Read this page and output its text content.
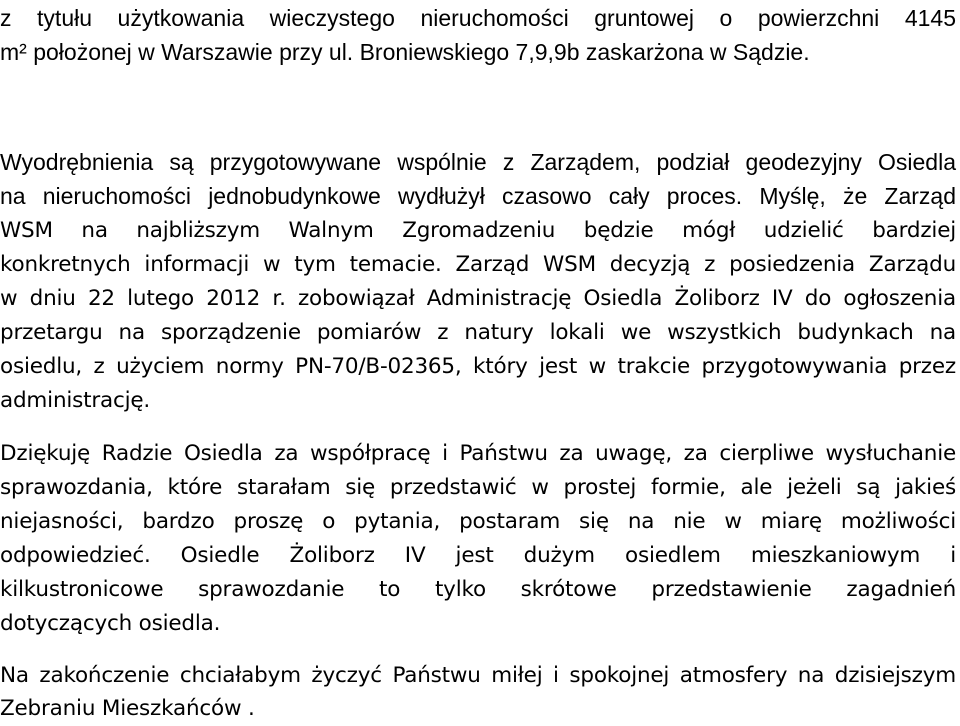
z tytułu użytkowania wieczystego nieruchomości gruntowej o powierzchni 4145
m² położonej w Warszawie przy ul. Broniewskiego 7,9,9b zaskarżona w Sądzie.
Wyodrębnienia są przygotowywane wspólnie z Zarządem, podział geodezyjny Osiedla
na nieruchomości jednobudynkowe wydłużył czasowo cały proces. Myślę, że Zarząd
WSM na najbliższym Walnym Zgromadzeniu będzie mógł udzielić bardziej
konkretnych informacji w tym temacie. Zarząd WSM decyzją z posiedzenia Zarządu
w dniu 22 lutego 2012 r. zobowiązał Administrację Osiedla Żoliborz IV do ogłoszenia
przetargu na sporządzenie pomiarów z natury lokali we wszystkich budynkach na
osiedlu, z użyciem normy PN-70/B-02365, który jest w trakcie przygotowywania przez
administrację.
Dziękuję Radzie Osiedla za współpracę i Państwu za uwagę, za cierpliwe wysłuchanie
sprawozdania, które starałam się przedstawić w prostej formie, ale jeżeli są jakieś
niejasności, bardzo proszę o pytania, postaram się na nie w miarę możliwości
odpowiedzieć. Osiedle Żoliborz IV jest dużym osiedlem mieszkaniowym i
kilkustronicowe sprawozdanie to tylko skrótowe przedstawienie zagadnień
dotyczących osiedla.
Na zakończenie chciałabym życzyć Państwu miłej i spokojnej atmosfery na dzisiejszym
Zebraniu Mieszkańców .
